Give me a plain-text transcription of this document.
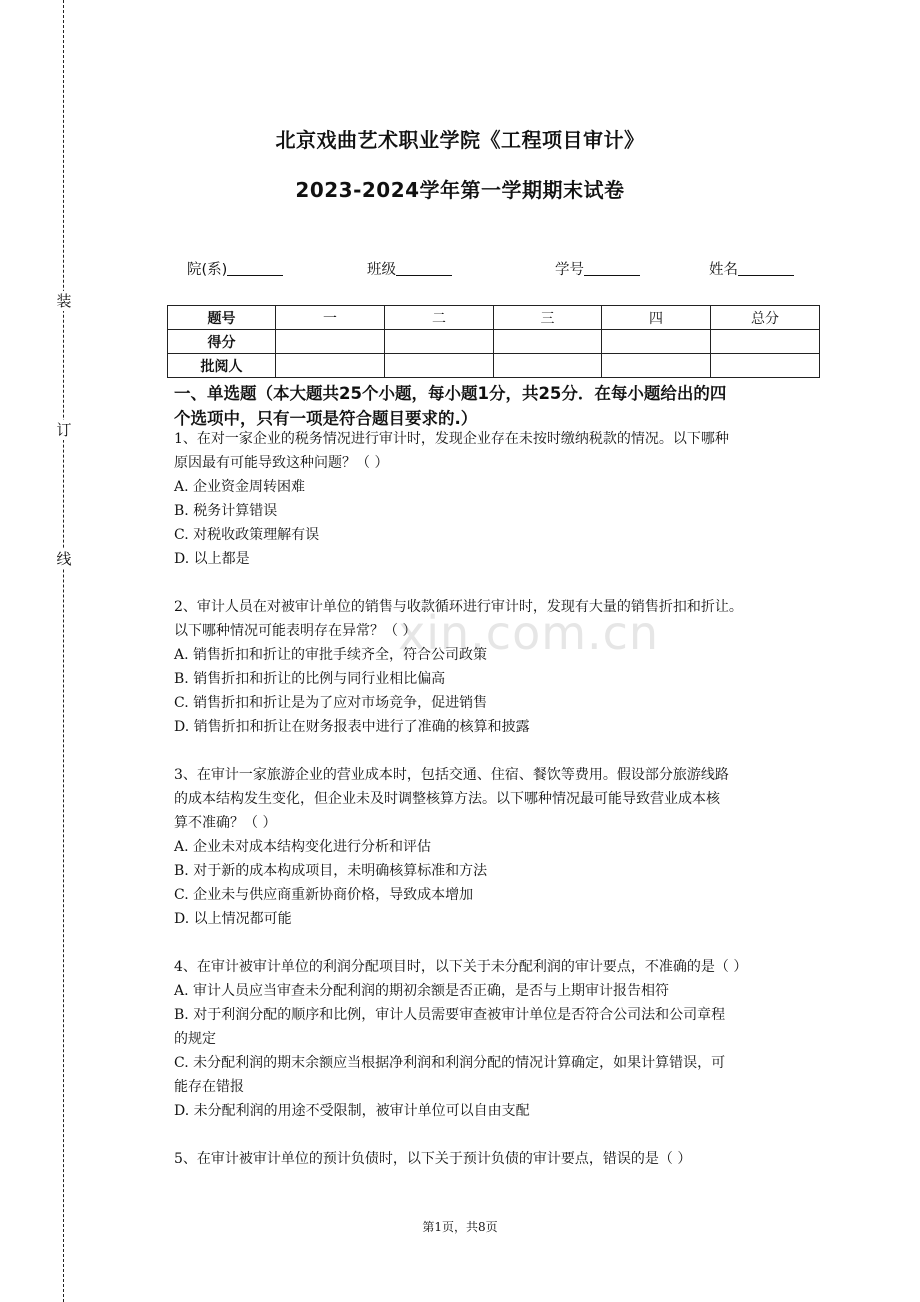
装
订
线
xin.com.cn
北京戏曲艺术职业学院《工程项目审计》
2023-2024学年第一学期期末试卷
院(系)	班级	学号	姓名
题号	一	二	三	四	总分
得分					
批阅人					
一、单选题（本大题共25个小题，每小题1分，共25分．在每小题给出的四
个选项中，只有一项是符合题目要求的.）

1、在对一家企业的税务情况进行审计时，发现企业存在未按时缴纳税款的情况。以下哪种

原因最有可能导致这种问题？（ ）

A. 企业资金周转困难

B. 税务计算错误

C. 对税收政策理解有误

D. 以上都是

2、审计人员在对被审计单位的销售与收款循环进行审计时，发现有大量的销售折扣和折让。

以下哪种情况可能表明存在异常？（ ）

A. 销售折扣和折让的审批手续齐全，符合公司政策

B. 销售折扣和折让的比例与同行业相比偏高

C. 销售折扣和折让是为了应对市场竞争，促进销售

D. 销售折扣和折让在财务报表中进行了准确的核算和披露

3、在审计一家旅游企业的营业成本时，包括交通、住宿、餐饮等费用。假设部分旅游线路

的成本结构发生变化，但企业未及时调整核算方法。以下哪种情况最可能导致营业成本核

算不准确？（ ）

A. 企业未对成本结构变化进行分析和评估

B. 对于新的成本构成项目，未明确核算标准和方法

C. 企业未与供应商重新协商价格，导致成本增加

D. 以上情况都可能

4、在审计被审计单位的利润分配项目时，以下关于未分配利润的审计要点，不准确的是（ ）

A. 审计人员应当审查未分配利润的期初余额是否正确，是否与上期审计报告相符

B. 对于利润分配的顺序和比例，审计人员需要审查被审计单位是否符合公司法和公司章程

的规定

C. 未分配利润的期末余额应当根据净利润和利润分配的情况计算确定，如果计算错误，可

能存在错报

D. 未分配利润的用途不受限制，被审计单位可以自由支配

5、在审计被审计单位的预计负债时，以下关于预计负债的审计要点，错误的是（ ）

第1页，共8页
